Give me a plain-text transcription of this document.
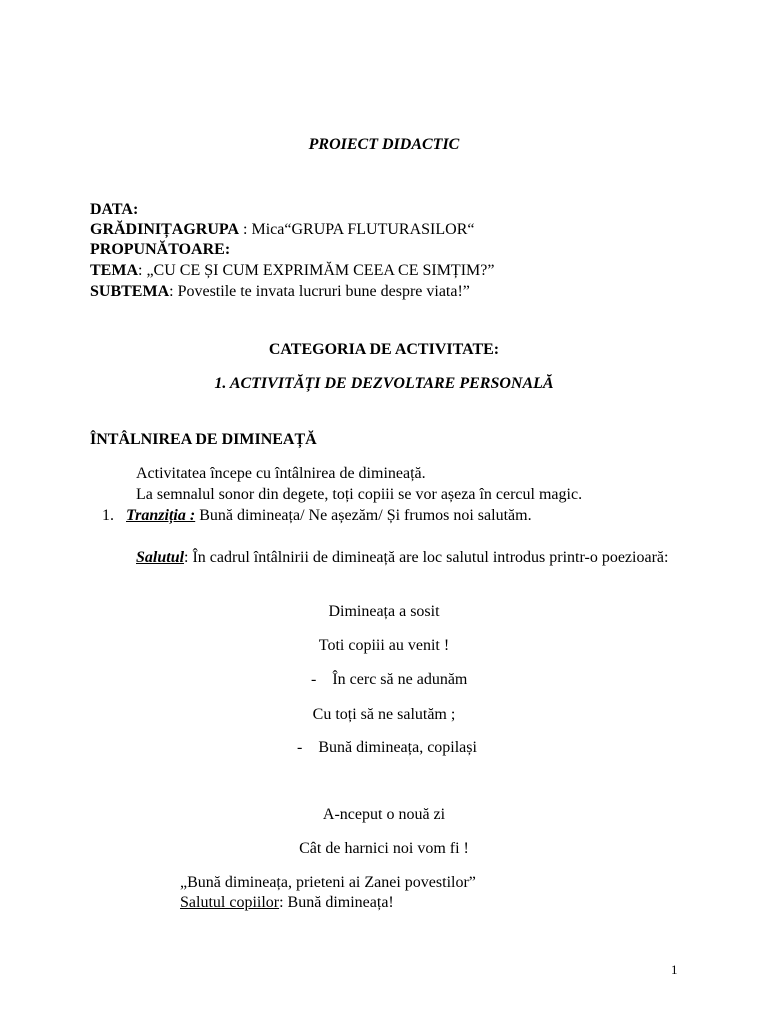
PROIECT DIDACTIC
DATA:
GRĂDINIȚAGRUPA : Mica“GRUPA FLUTURASILOR“
PROPUNĂTOARE:
TEMA: „CU CE ȘI CUM EXPRIMĂM CEEA CE SIMȚIM?”
SUBTEMA: Povestile te invata lucruri bune despre viata!”
CATEGORIA DE ACTIVITATE:
1. ACTIVITĂȚI DE DEZVOLTARE PERSONALĂ
ÎNTÂLNIREA DE DIMINEAȚĂ
Activitatea începe cu întâlnirea de dimineață.
La semnalul sonor din degete, toți copiii se vor așeza în cercul magic.
1. Tranziția : Bună dimineața/ Ne așezăm/ Și frumos noi salutăm.
Salutul: În cadrul întâlnirii de dimineață are loc salutul introdus printr-o poezioară:
Dimineața a sosit
Toti copiii au venit !
-    În cerc să ne adunăm
Cu toți să ne salutăm ;
-    Bună dimineața, copilași
A-nceput o nouă zi
Cât de harnici noi vom fi !
„Bună dimineața, prieteni ai Zanei povestilor”
Salutul copiilor: Bună dimineața!
1
